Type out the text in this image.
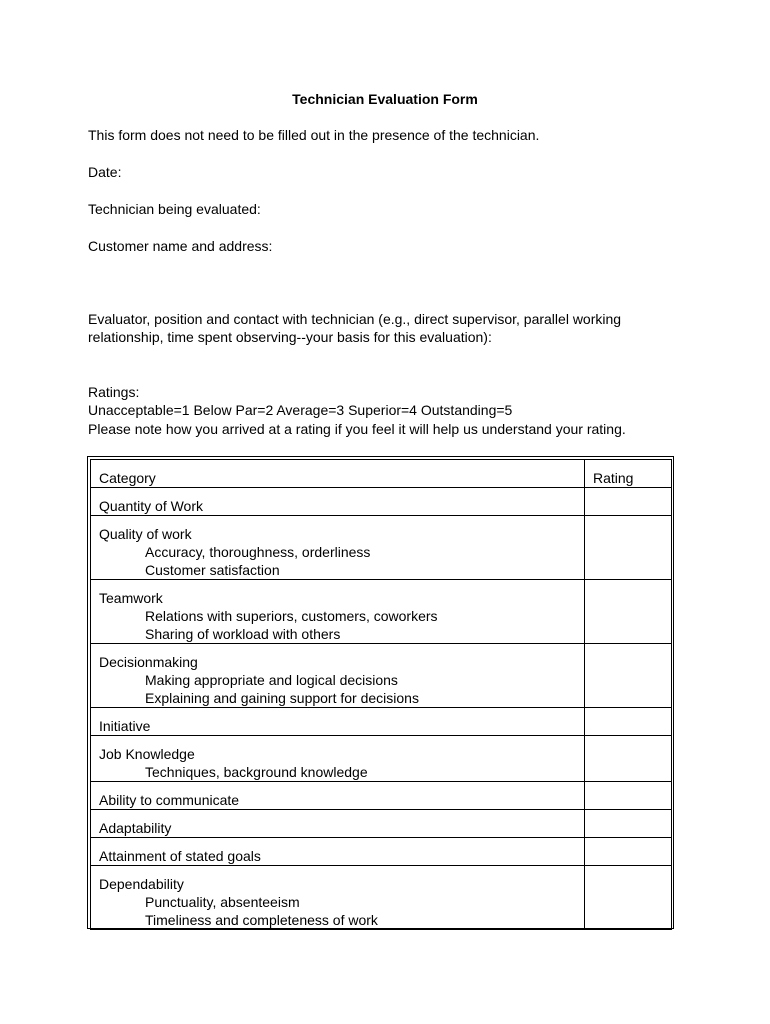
Technician Evaluation Form
This form does not need to be filled out in the presence of the technician.
Date:
Technician being evaluated:
Customer name and address:
Evaluator, position and contact with technician (e.g., direct supervisor, parallel working
relationship, time spent observing--your basis for this evaluation):
Ratings:
Unacceptable=1 Below Par=2 Average=3 Superior=4 Outstanding=5
Please note how you arrived at a rating if you feel it will help us understand your rating.
Category	Rating

Quantity of Work	

Quality of work
Accuracy, thoroughness, orderliness
Customer satisfaction	

Teamwork
Relations with superiors, customers, coworkers
Sharing of workload with others	

Decisionmaking
Making appropriate and logical decisions
Explaining and gaining support for decisions	

Initiative	

Job Knowledge
Techniques, background knowledge	

Ability to communicate	

Adaptability	

Attainment of stated goals	

Dependability
Punctuality, absenteeism
Timeliness and completeness of work	
